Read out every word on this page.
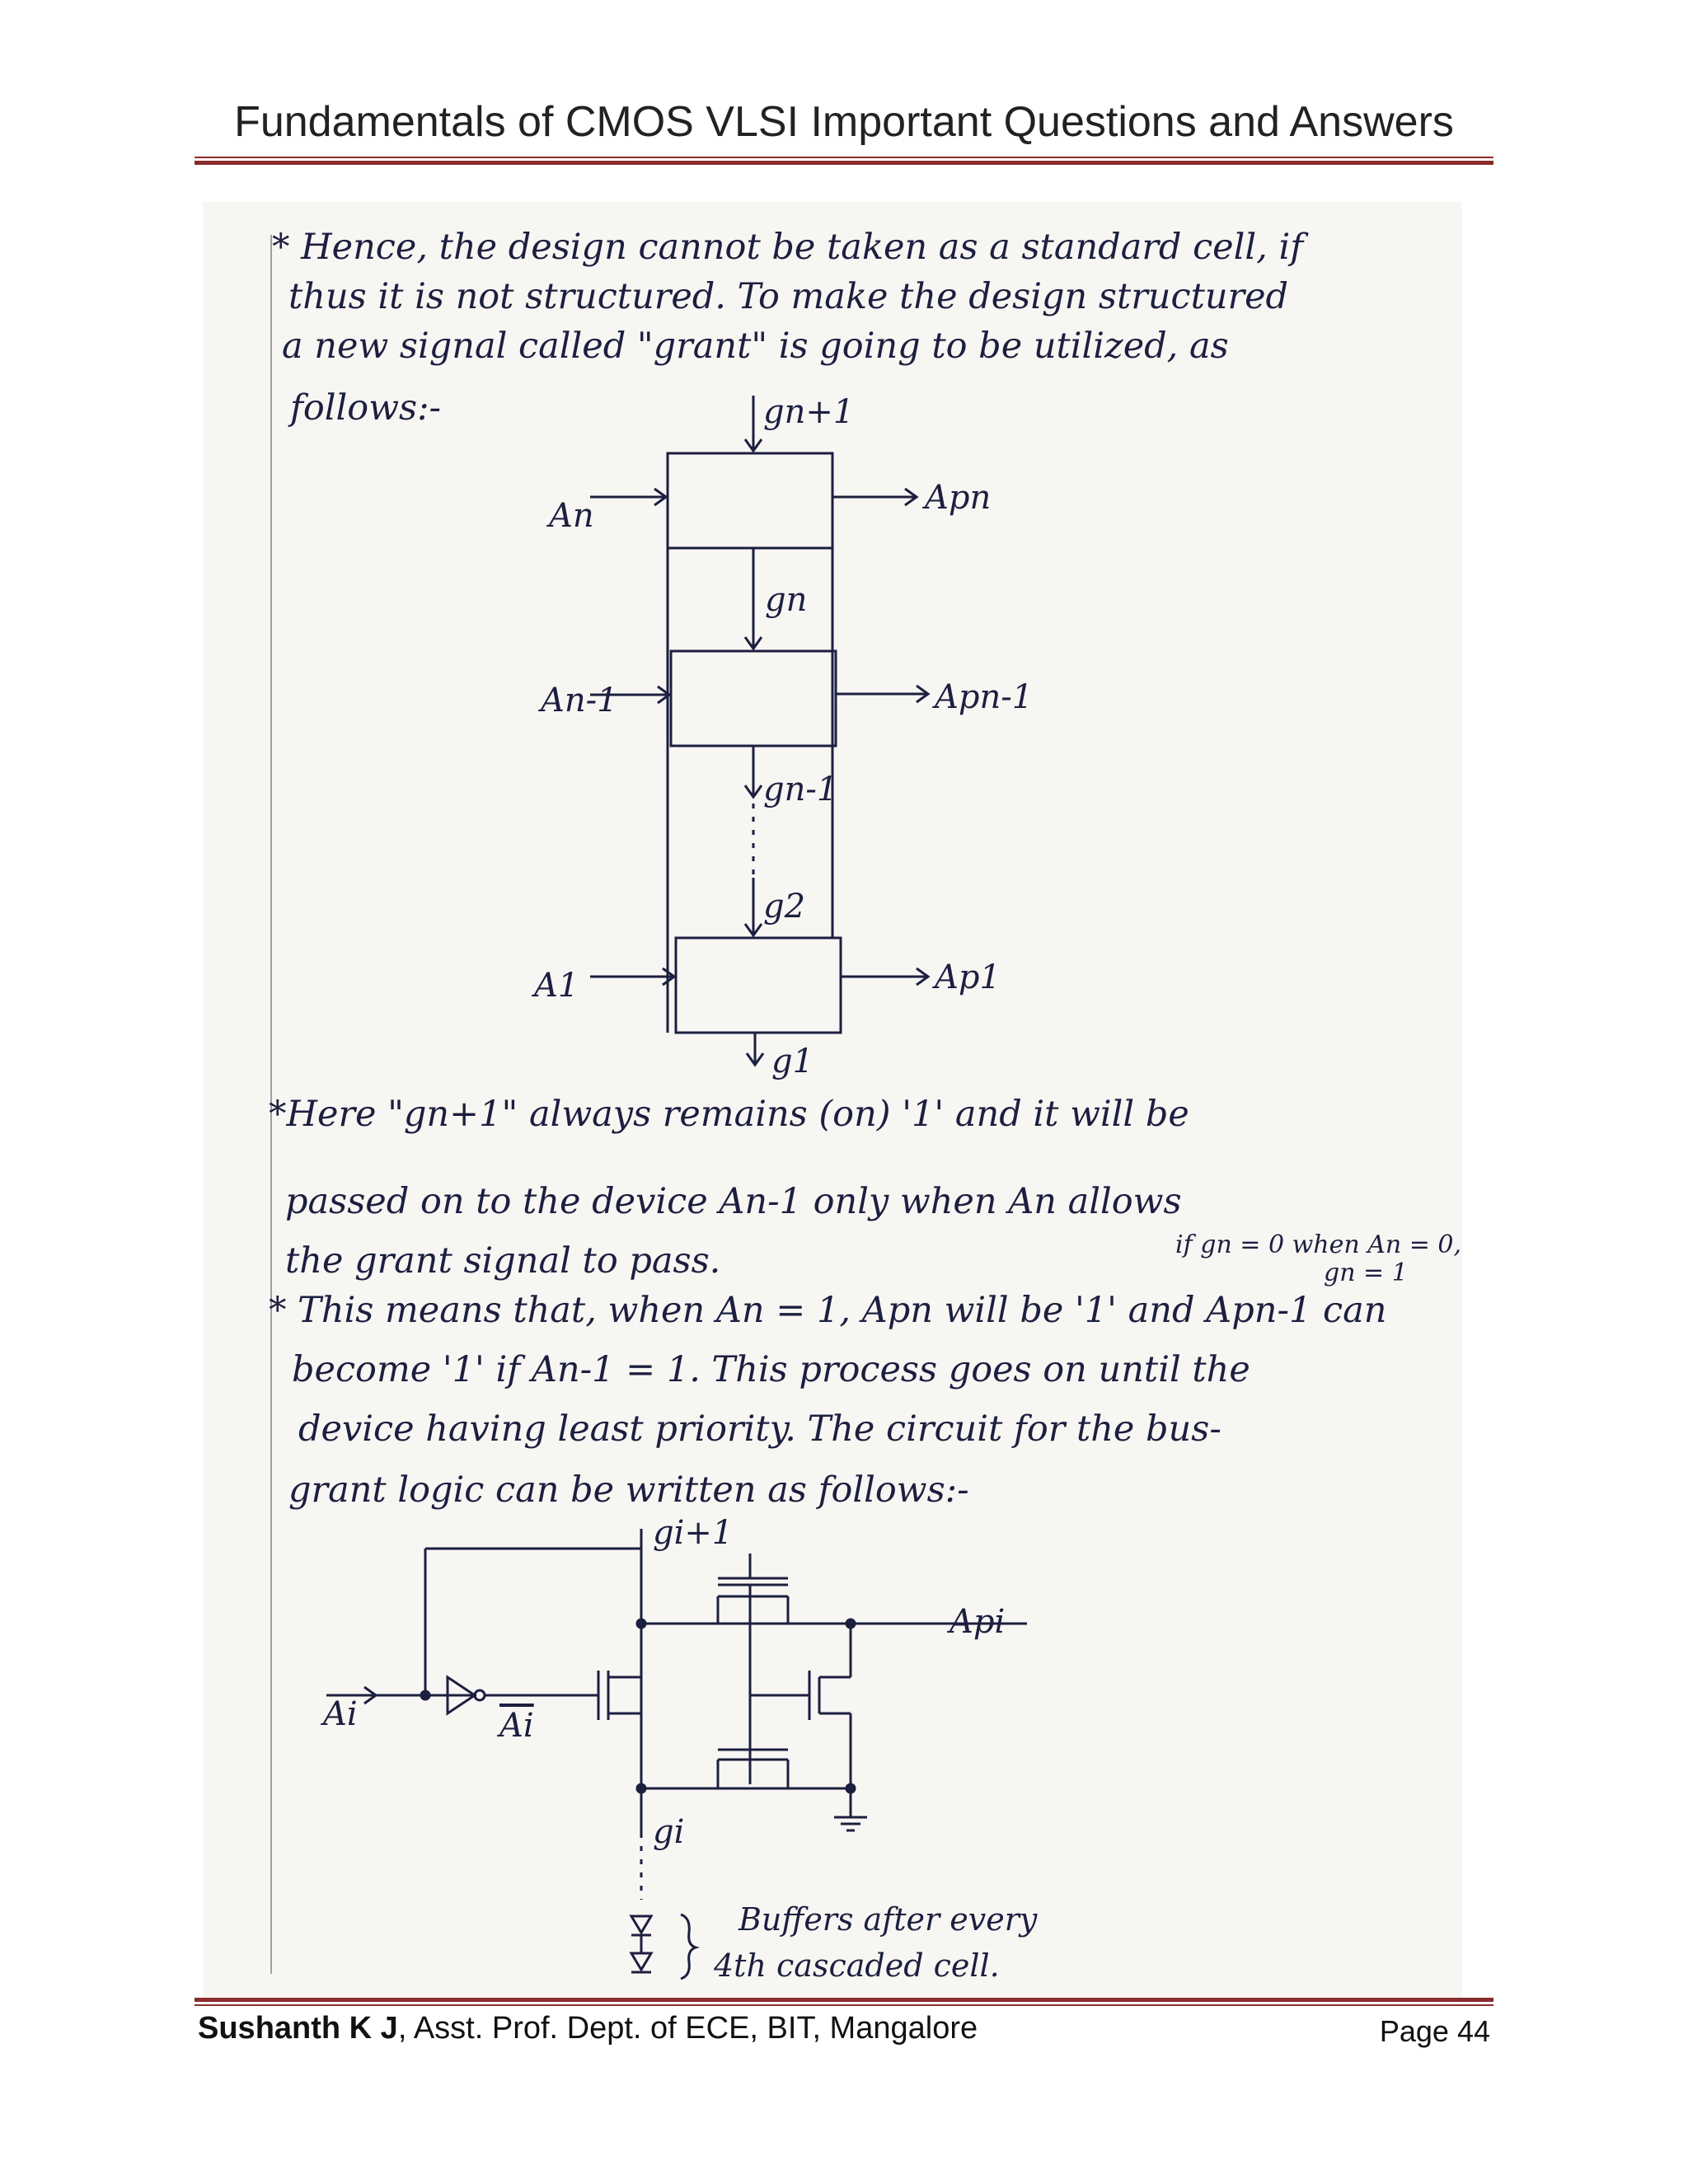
Fundamentals of CMOS VLSI Important Questions and Answers
* Hence, the design cannot be taken as a standard cell, if
thus it is not structured. To make the design structured
a new signal called "grant" is going to be utilized, as
follows:-	gn+1
An	Apn
gn
An-1	Apn-1
gn-1
g2
A1	Ap1
g1
*Here "gn+1" always remains (on) '1' and it will be
passed on to the device An-1 only when An allows
the grant signal to pass.	if gn = 0 when An = 0,
gn = 1
* This means that, when An = 1, Apn will be '1' and Apn-1 can
become '1' if An-1 = 1. This process goes on until the
device having least priority. The circuit for the bus-
grant logic can be written as follows:-
gi+1
Api
Ai	$\overline{Ai}$
gi
Buffers after every
4th cascaded cell.
Sushanth K J, Asst. Prof. Dept. of ECE, BIT, Mangalore	Page 44
